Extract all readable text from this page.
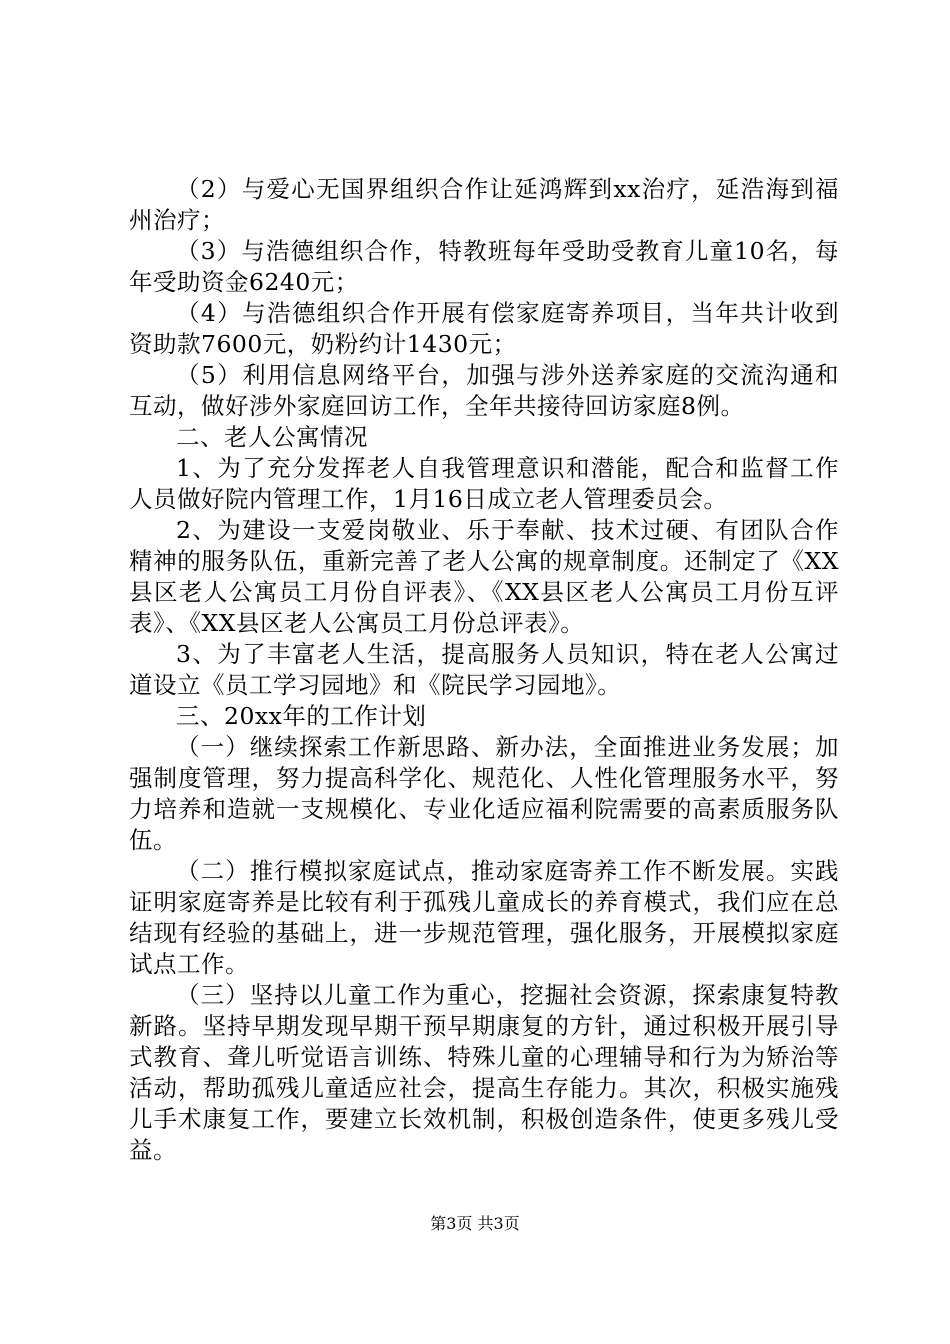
（2）与爱心无国界组织合作让延鸿辉到xx治疗，延浩海到福州治疗；

（3）与浩德组织合作，特教班每年受助受教育儿童10名，每年受助资金6240元；

（4）与浩德组织合作开展有偿家庭寄养项目，当年共计收到资助款7600元，奶粉约计1430元；

（5）利用信息网络平台，加强与涉外送养家庭的交流沟通和互动，做好涉外家庭回访工作，全年共接待回访家庭8例。

二、老人公寓情况

1、为了充分发挥老人自我管理意识和潜能，配合和监督工作人员做好院内管理工作，1月16日成立老人管理委员会。

2、为建设一支爱岗敬业、乐于奉献、技术过硬、有团队合作精神的服务队伍，重新完善了老人公寓的规章制度。还制定了《XX县区老人公寓员工月份自评表》、《XX县区老人公寓员工月份互评表》、《XX县区老人公寓员工月份总评表》。

3、为了丰富老人生活，提高服务人员知识，特在老人公寓过道设立《员工学习园地》和《院民学习园地》。

三、20xx年的工作计划

（一）继续探索工作新思路、新办法，全面推进业务发展；加强制度管理，努力提高科学化、规范化、人性化管理服务水平，努力培养和造就一支规模化、专业化适应福利院需要的高素质服务队伍。

（二）推行模拟家庭试点，推动家庭寄养工作不断发展。实践证明家庭寄养是比较有利于孤残儿童成长的养育模式，我们应在总结现有经验的基础上，进一步规范管理，强化服务，开展模拟家庭试点工作。

（三）坚持以儿童工作为重心，挖掘社会资源，探索康复特教新路。坚持早期发现早期干预早期康复的方针，通过积极开展引导式教育、聋儿听觉语言训练、特殊儿童的心理辅导和行为为矫治等活动，帮助孤残儿童适应社会，提高生存能力。其次，积极实施残儿手术康复工作，要建立长效机制，积极创造条件，使更多残儿受益。

第3页 共3页
